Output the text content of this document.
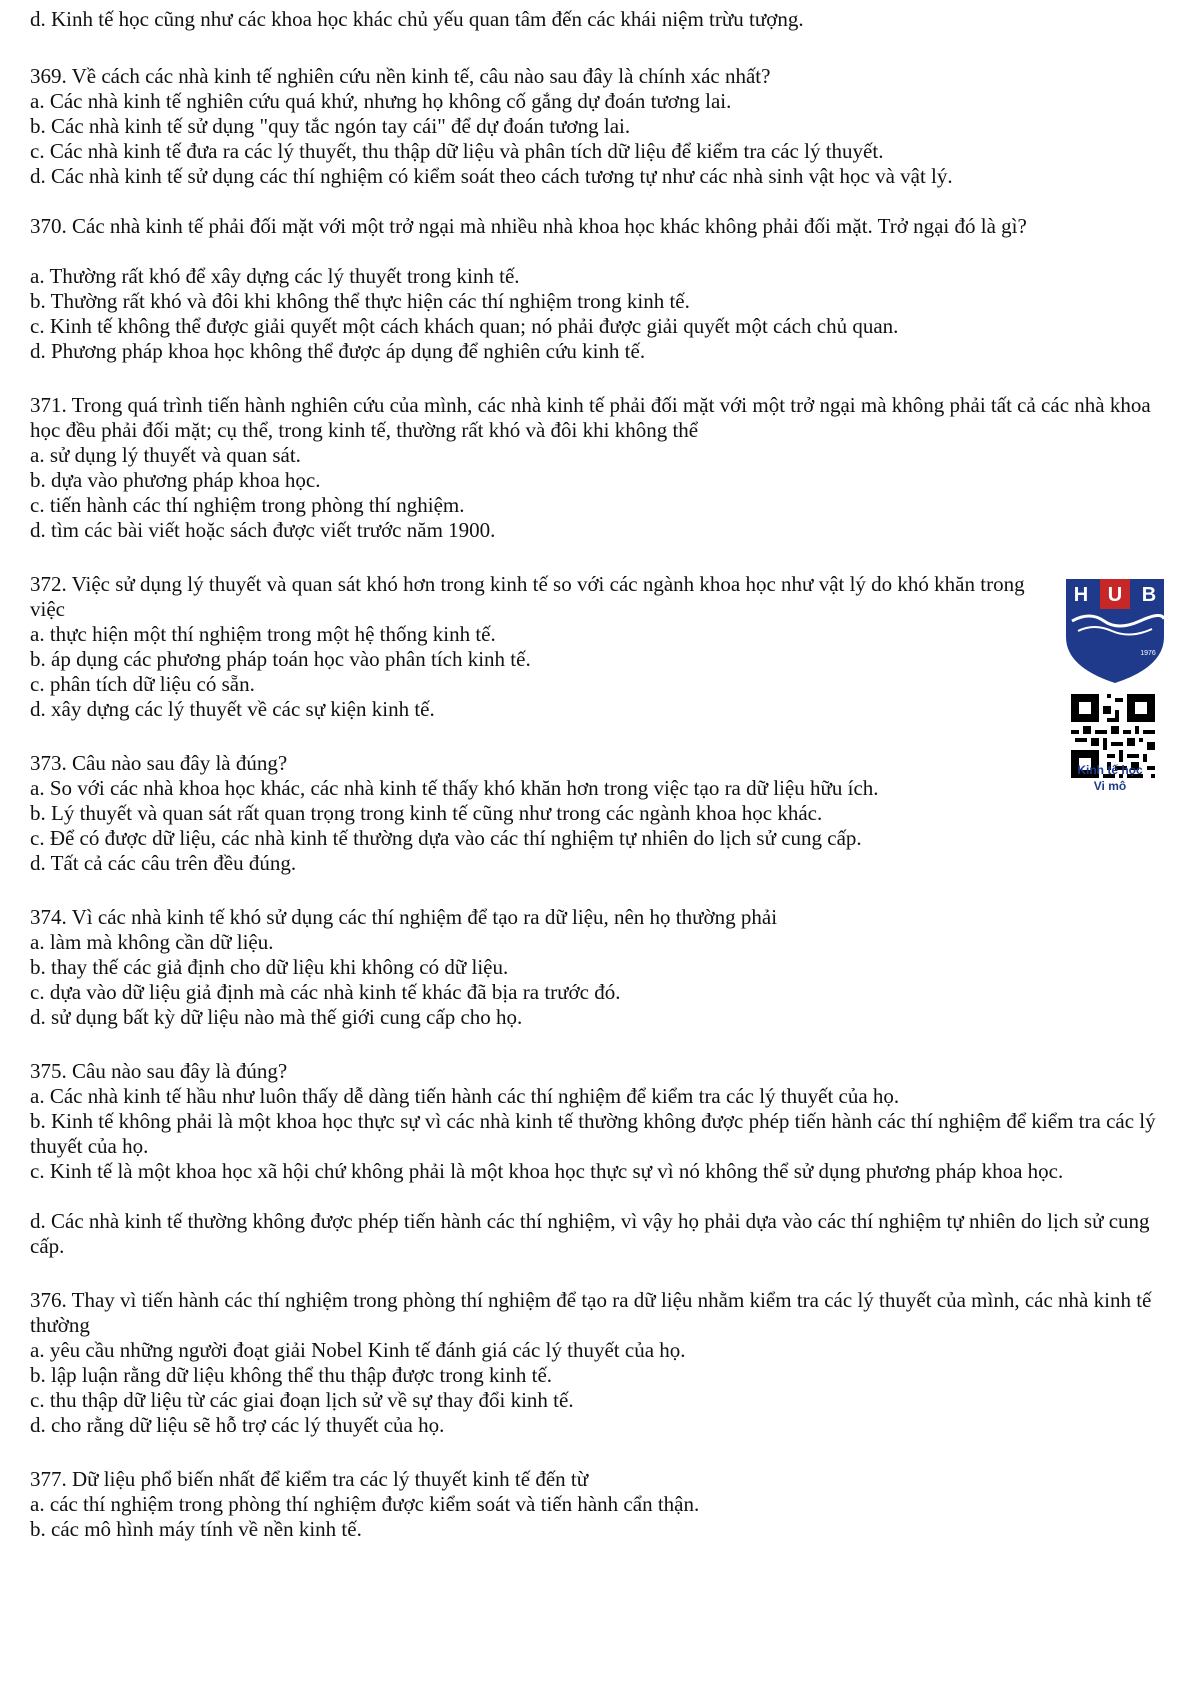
d. Kinh tế học cũng như các khoa học khác chủ yếu quan tâm đến các khái niệm trừu tượng.
369. Về cách các nhà kinh tế nghiên cứu nền kinh tế, câu nào sau đây là chính xác nhất?
a. Các nhà kinh tế nghiên cứu quá khứ, nhưng họ không cố gắng dự đoán tương lai.
b. Các nhà kinh tế sử dụng "quy tắc ngón tay cái" để dự đoán tương lai.
c. Các nhà kinh tế đưa ra các lý thuyết, thu thập dữ liệu và phân tích dữ liệu để kiểm tra các lý thuyết.
d. Các nhà kinh tế sử dụng các thí nghiệm có kiểm soát theo cách tương tự như các nhà sinh vật học và vật lý.
370. Các nhà kinh tế phải đối mặt với một trở ngại mà nhiều nhà khoa học khác không phải đối mặt. Trở ngại đó là gì?
a. Thường rất khó để xây dựng các lý thuyết trong kinh tế.
b. Thường rất khó và đôi khi không thể thực hiện các thí nghiệm trong kinh tế.
c. Kinh tế không thể được giải quyết một cách khách quan; nó phải được giải quyết một cách chủ quan.
d. Phương pháp khoa học không thể được áp dụng để nghiên cứu kinh tế.
371. Trong quá trình tiến hành nghiên cứu của mình, các nhà kinh tế phải đối mặt với một trở ngại mà không phải tất cả các nhà khoa học đều phải đối mặt; cụ thể, trong kinh tế, thường rất khó và đôi khi không thể
a. sử dụng lý thuyết và quan sát.
b. dựa vào phương pháp khoa học.
c. tiến hành các thí nghiệm trong phòng thí nghiệm.
d. tìm các bài viết hoặc sách được viết trước năm 1900.
372. Việc sử dụng lý thuyết và quan sát khó hơn trong kinh tế so với các ngành khoa học như vật lý do khó khăn trong việc
a. thực hiện một thí nghiệm trong một hệ thống kinh tế.
b. áp dụng các phương pháp toán học vào phân tích kinh tế.
c. phân tích dữ liệu có sẵn.
d. xây dựng các lý thuyết về các sự kiện kinh tế.
373. Câu nào sau đây là đúng?
a. So với các nhà khoa học khác, các nhà kinh tế thấy khó khăn hơn trong việc tạo ra dữ liệu hữu ích.
b. Lý thuyết và quan sát rất quan trọng trong kinh tế cũng như trong các ngành khoa học khác.
c. Để có được dữ liệu, các nhà kinh tế thường dựa vào các thí nghiệm tự nhiên do lịch sử cung cấp.
d. Tất cả các câu trên đều đúng.
374. Vì các nhà kinh tế khó sử dụng các thí nghiệm để tạo ra dữ liệu, nên họ thường phải
a. làm mà không cần dữ liệu.
b. thay thế các giả định cho dữ liệu khi không có dữ liệu.
c. dựa vào dữ liệu giả định mà các nhà kinh tế khác đã bịa ra trước đó.
d. sử dụng bất kỳ dữ liệu nào mà thế giới cung cấp cho họ.
375. Câu nào sau đây là đúng?
a. Các nhà kinh tế hầu như luôn thấy dễ dàng tiến hành các thí nghiệm để kiểm tra các lý thuyết của họ.
b. Kinh tế không phải là một khoa học thực sự vì các nhà kinh tế thường không được phép tiến hành các thí nghiệm để kiểm tra các lý thuyết của họ.
c. Kinh tế là một khoa học xã hội chứ không phải là một khoa học thực sự vì nó không thể sử dụng phương pháp khoa học.
d. Các nhà kinh tế thường không được phép tiến hành các thí nghiệm, vì vậy họ phải dựa vào các thí nghiệm tự nhiên do lịch sử cung cấp.
376. Thay vì tiến hành các thí nghiệm trong phòng thí nghiệm để tạo ra dữ liệu nhằm kiểm tra các lý thuyết của mình, các nhà kinh tế thường
a. yêu cầu những người đoạt giải Nobel Kinh tế đánh giá các lý thuyết của họ.
b. lập luận rằng dữ liệu không thể thu thập được trong kinh tế.
c. thu thập dữ liệu từ các giai đoạn lịch sử về sự thay đổi kinh tế.
d. cho rằng dữ liệu sẽ hỗ trợ các lý thuyết của họ.
377. Dữ liệu phổ biến nhất để kiểm tra các lý thuyết kinh tế đến từ
a. các thí nghiệm trong phòng thí nghiệm được kiểm soát và tiến hành cẩn thận.
b. các mô hình máy tính về nền kinh tế.
H U B
1976
Kinh tế học
Vi mô
